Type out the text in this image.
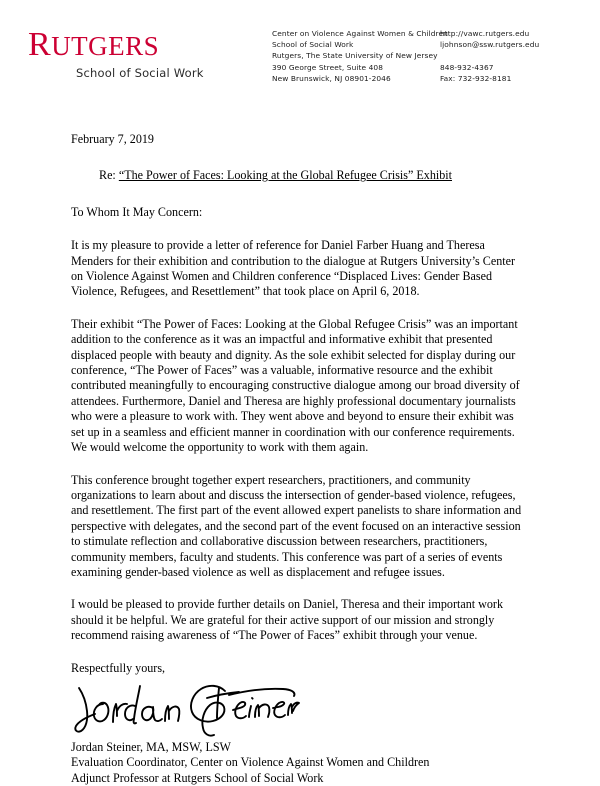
RUTGERS
School of Social Work
Center on Violence Against Women & Children
School of Social Work
Rutgers, The State University of New Jersey
390 George Street, Suite 408
New Brunswick, NJ 08901-2046
http://vawc.rutgers.edu
ljohnson@ssw.rutgers.edu
848-932-4367
Fax: 732-932-8181

February 7, 2019

Re: “The Power of Faces: Looking at the Global Refugee Crisis” Exhibit

To Whom It May Concern:

It is my pleasure to provide a letter of reference for Daniel Farber Huang and Theresa Menders for their exhibition and contribution to the dialogue at Rutgers University’s Center on Violence Against Women and Children conference “Displaced Lives: Gender Based Violence, Refugees, and Resettlement” that took place on April 6, 2018.

Their exhibit “The Power of Faces: Looking at the Global Refugee Crisis” was an important addition to the conference as it was an impactful and informative exhibit that presented displaced people with beauty and dignity. As the sole exhibit selected for display during our conference, “The Power of Faces” was a valuable, informative resource and the exhibit contributed meaningfully to encouraging constructive dialogue among our broad diversity of attendees. Furthermore, Daniel and Theresa are highly professional documentary journalists who were a pleasure to work with. They went above and beyond to ensure their exhibit was set up in a seamless and efficient manner in coordination with our conference requirements. We would welcome the opportunity to work with them again.

This conference brought together expert researchers, practitioners, and community organizations to learn about and discuss the intersection of gender-based violence, refugees, and resettlement. The first part of the event allowed expert panelists to share information and perspective with delegates, and the second part of the event focused on an interactive session to stimulate reflection and collaborative discussion between researchers, practitioners, community members, faculty and students. This conference was part of a series of events examining gender-based violence as well as displacement and refugee issues.

I would be pleased to provide further details on Daniel, Theresa and their important work should it be helpful. We are grateful for their active support of our mission and strongly recommend raising awareness of “The Power of Faces” exhibit through your venue.

Respectfully yours,

Jordan Steiner, MA, MSW, LSW

Evaluation Coordinator, Center on Violence Against Women and Children

Adjunct Professor at Rutgers School of Social Work
